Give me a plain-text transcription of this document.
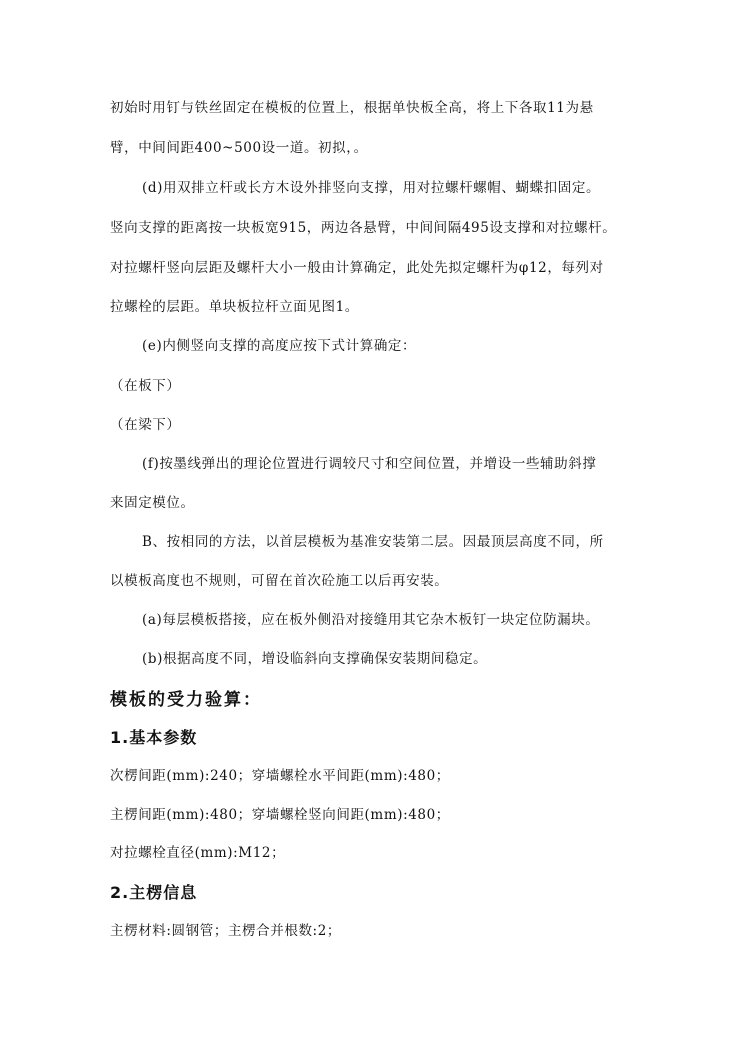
初始时用钉与铁丝固定在模板的位置上，根据单快板全高，将上下各取11为悬
臂，中间间距400~500设一道。初拟，。
(d)用双排立杆或长方木设外排竖向支撑，用对拉螺杆螺帽、蝴蝶扣固定。
竖向支撑的距离按一块板宽915，两边各悬臂，中间间隔495设支撑和对拉螺杆。
对拉螺杆竖向层距及螺杆大小一般由计算确定，此处先拟定螺杆为φ12，每列对
拉螺栓的层距。单块板拉杆立面见图1。
(e)内侧竖向支撑的高度应按下式计算确定：
（在板下）
（在梁下）
(f)按墨线弹出的理论位置进行调较尺寸和空间位置，并增设一些辅助斜撑
来固定模位。
B、按相同的方法，以首层模板为基准安装第二层。因最顶层高度不同，所
以模板高度也不规则，可留在首次砼施工以后再安装。
(a)每层模板搭接，应在板外侧沿对接缝用其它杂木板钉一块定位防漏块。
(b)根据高度不同，增设临斜向支撑确保安装期间稳定。
模板的受力验算：
1.基本参数
次楞间距(mm):240；穿墙螺栓水平间距(mm):480；
主楞间距(mm):480；穿墙螺栓竖向间距(mm):480；
对拉螺栓直径(mm):M12；
2.主楞信息
主楞材料:圆钢管；主楞合并根数:2；
